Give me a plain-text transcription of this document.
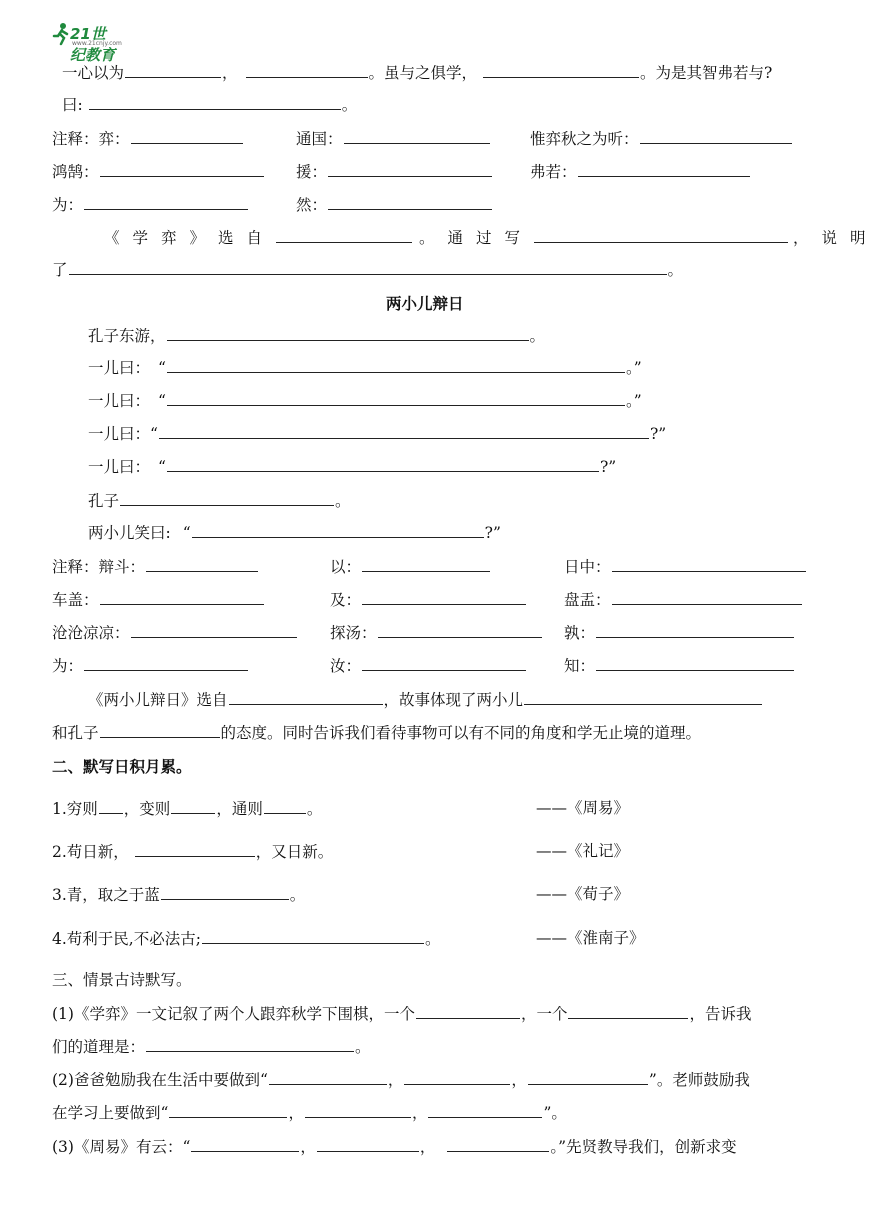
21世纪教育
www.21cnjy.com
一心以为	，	。虽与之俱学，	。为是其智弗若与?
曰:	。
注释：弈：	通国：	惟弈秋之为听：
鸿鹄：	援：	弗若：
为：	然：
《学弈》选自	。通过写	，说明
了	。
两小儿辩日
孔子东游，	。
一儿曰： “	。”
一儿曰： “	。”
一儿曰：“	?”
一儿曰： “	?”
孔子	。
两小儿笑曰: “	?”
注释：辩斗：	以：	日中：
车盖：	及：	盘盂：
沧沧凉凉：	探汤：	孰：
为：	汝：	知：
《两小儿辩日》选自	，故事体现了两小儿
和孔子	的态度。同时告诉我们看待事物可以有不同的角度和学无止境的道理。
二、默写日积月累。
1.穷则 ，变则	，通则	。	——《周易》
2.苟日新，	，又日新。	——《礼记》
3.青，取之于蓝	。	——《荀子》
4.苟利于民,不必法古;	。	——《淮南子》
三、情景古诗默写。
(1)《学弈》一文记叙了两个人跟弈秋学下围棋，一个	，一个	，告诉我
们的道理是：	。
(2)爸爸勉励我在生活中要做到“	，	，	”。老师鼓励我
在学习上要做到“	，	，	”。
(3)《周易》有云：“	，	，	。”先贤教导我们，创新求变
